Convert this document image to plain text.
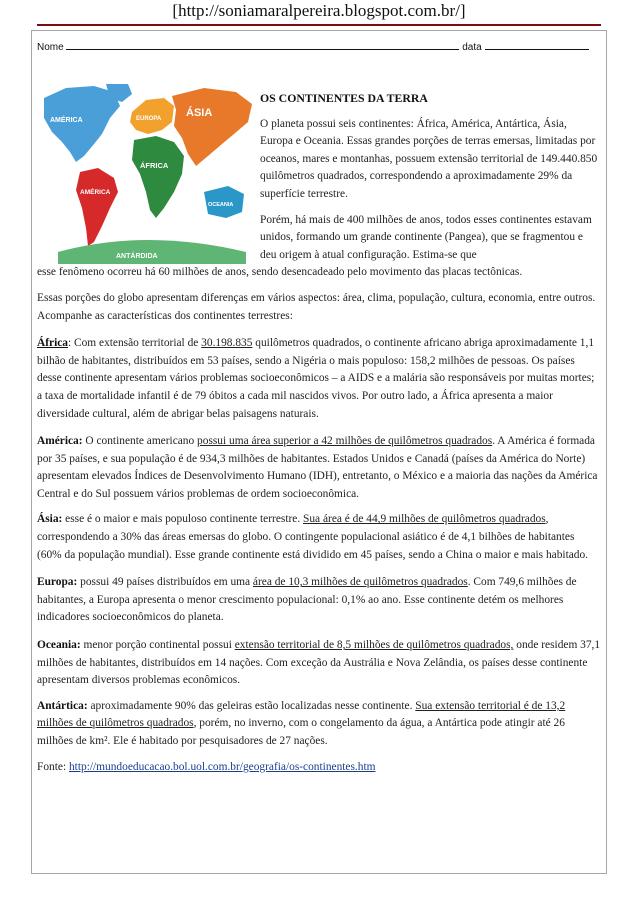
[http://soniamaralpereira.blogspot.com.br/]
Nome	data
AMÉRICA	EUROPA ÁSIA
ÁFRICA
AMÉRICA
OCEANIA
ANTÁRDIDA

OS CONTINENTES DA TERRA

O planeta possui seis continentes: África, América, Antártica, Ásia, Europa e Oceania. Essas grandes porções de terras emersas, limitadas por oceanos, mares e montanhas, possuem extensão territorial de 149.440.850 quilômetros quadrados, correspondendo a aproximadamente 29% da superfície terrestre.

Porém, há mais de 400 milhões de anos, todos esses continentes estavam unidos, formando um grande continente (Pangea), que se fragmentou e deu origem à atual configuração. Estima-se que

esse fenômeno ocorreu há 60 milhões de anos, sendo desencadeado pelo movimento das placas tectônicas.

Essas porções do globo apresentam diferenças em vários aspectos: área, clima, população, cultura, economia, entre outros. Acompanhe as características dos continentes terrestres:

África: Com extensão territorial de 30.198.835 quilômetros quadrados, o continente africano abriga aproximadamente 1,1 bilhão de habitantes, distribuídos em 53 países, sendo a Nigéria o mais populoso: 158,2 milhões de pessoas. Os países desse continente apresentam vários problemas socioeconômicos – a AIDS e a malária são responsáveis por muitas mortes; a taxa de mortalidade infantil é de 79 óbitos a cada mil nascidos vivos. Por outro lado, a África apresenta a maior diversidade cultural, além de abrigar belas paisagens naturais.

América: O continente americano possui uma área superior a 42 milhões de quilômetros quadrados. A América é formada por 35 países, e sua população é de 934,3 milhões de habitantes. Estados Unidos e Canadá (países da América do Norte) apresentam elevados Índices de Desenvolvimento Humano (IDH), entretanto, o México e a maioria das nações da América Central e do Sul possuem vários problemas de ordem socioeconômica.

Ásia: esse é o maior e mais populoso continente terrestre. Sua área é de 44,9 milhões de quilômetros quadrados, correspondendo a 30% das áreas emersas do globo. O contingente populacional asiático é de 4,1 bilhões de habitantes (60% da população mundial). Esse grande continente está dividido em 45 países, sendo a China o maior e mais habitado.

Europa: possui 49 países distribuídos em uma área de 10,3 milhões de quilômetros quadrados. Com 749,6 milhões de habitantes, a Europa apresenta o menor crescimento populacional: 0,1% ao ano. Esse continente detém os melhores indicadores socioeconômicos do planeta.

Oceania: menor porção continental possui extensão territorial de 8,5 milhões de quilômetros quadrados, onde residem 37,1 milhões de habitantes, distribuídos em 14 nações. Com exceção da Austrália e Nova Zelândia, os países desse continente apresentam diversos problemas econômicos.

Antártica: aproximadamente 90% das geleiras estão localizadas nesse continente. Sua extensão territorial é de 13,2 milhões de quilômetros quadrados, porém, no inverno, com o congelamento da água, a Antártica pode atingir até 26 milhões de km². Ele é habitado por pesquisadores de 27 nações.

Fonte: http://mundoeducacao.bol.uol.com.br/geografia/os-continentes.htm
